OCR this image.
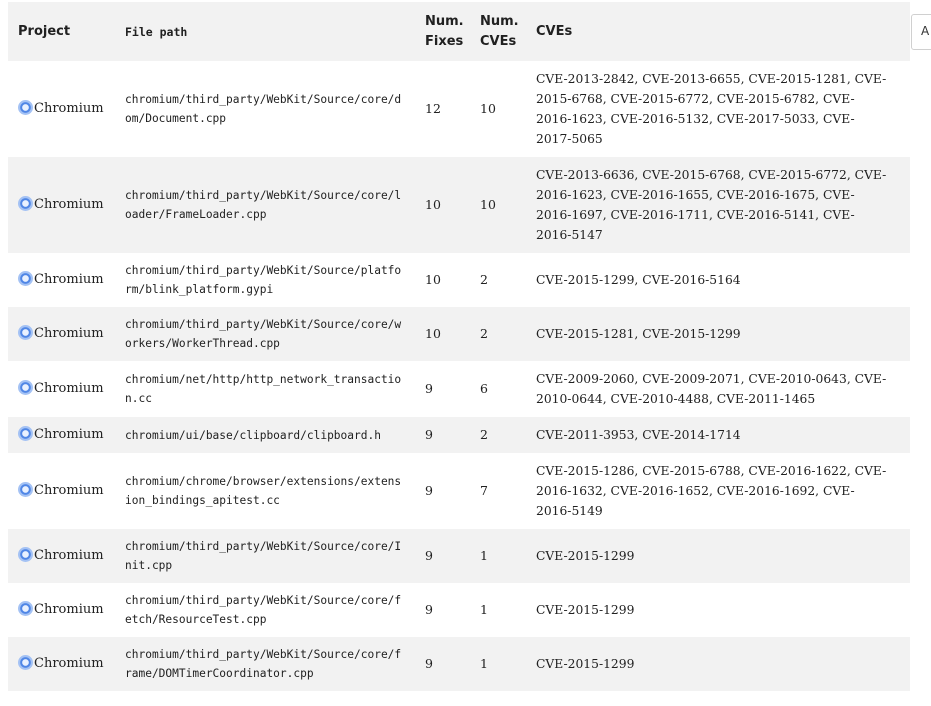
Project	File path	Num. Fixes	Num. CVEs	CVEs
Chromium	chromium/third_party/WebKit/Source/core/dom/Document.cpp	12	10	CVE-2013-2842, CVE-2013-6655, CVE-2015-1281, CVE-2015-6768, CVE-2015-6772, CVE-2015-6782, CVE-2016-1623, CVE-2016-5132, CVE-2017-5033, CVE-2017-5065
Chromium	chromium/third_party/WebKit/Source/core/loader/FrameLoader.cpp	10	10	CVE-2013-6636, CVE-2015-6768, CVE-2015-6772, CVE-2016-1623, CVE-2016-1655, CVE-2016-1675, CVE-2016-1697, CVE-2016-1711, CVE-2016-5141, CVE-2016-5147
Chromium	chromium/third_party/WebKit/Source/platform/blink_platform.gypi	10	2	CVE-2015-1299, CVE-2016-5164
Chromium	chromium/third_party/WebKit/Source/core/workers/WorkerThread.cpp	10	2	CVE-2015-1281, CVE-2015-1299
Chromium	chromium/net/http/http_network_transaction.cc	9	6	CVE-2009-2060, CVE-2009-2071, CVE-2010-0643, CVE-2010-0644, CVE-2010-4488, CVE-2011-1465
Chromium	chromium/ui/base/clipboard/clipboard.h	9	2	CVE-2011-3953, CVE-2014-1714
Chromium	chromium/chrome/browser/extensions/extension_bindings_apitest.cc	9	7	CVE-2015-1286, CVE-2015-6788, CVE-2016-1622, CVE-2016-1632, CVE-2016-1652, CVE-2016-1692, CVE-2016-5149
Chromium	chromium/third_party/WebKit/Source/core/Init.cpp	9	1	CVE-2015-1299
Chromium	chromium/third_party/WebKit/Source/core/fetch/ResourceTest.cpp	9	1	CVE-2015-1299
Chromium	chromium/third_party/WebKit/Source/core/frame/DOMTimerCoordinator.cpp	9	1	CVE-2015-1299
A
